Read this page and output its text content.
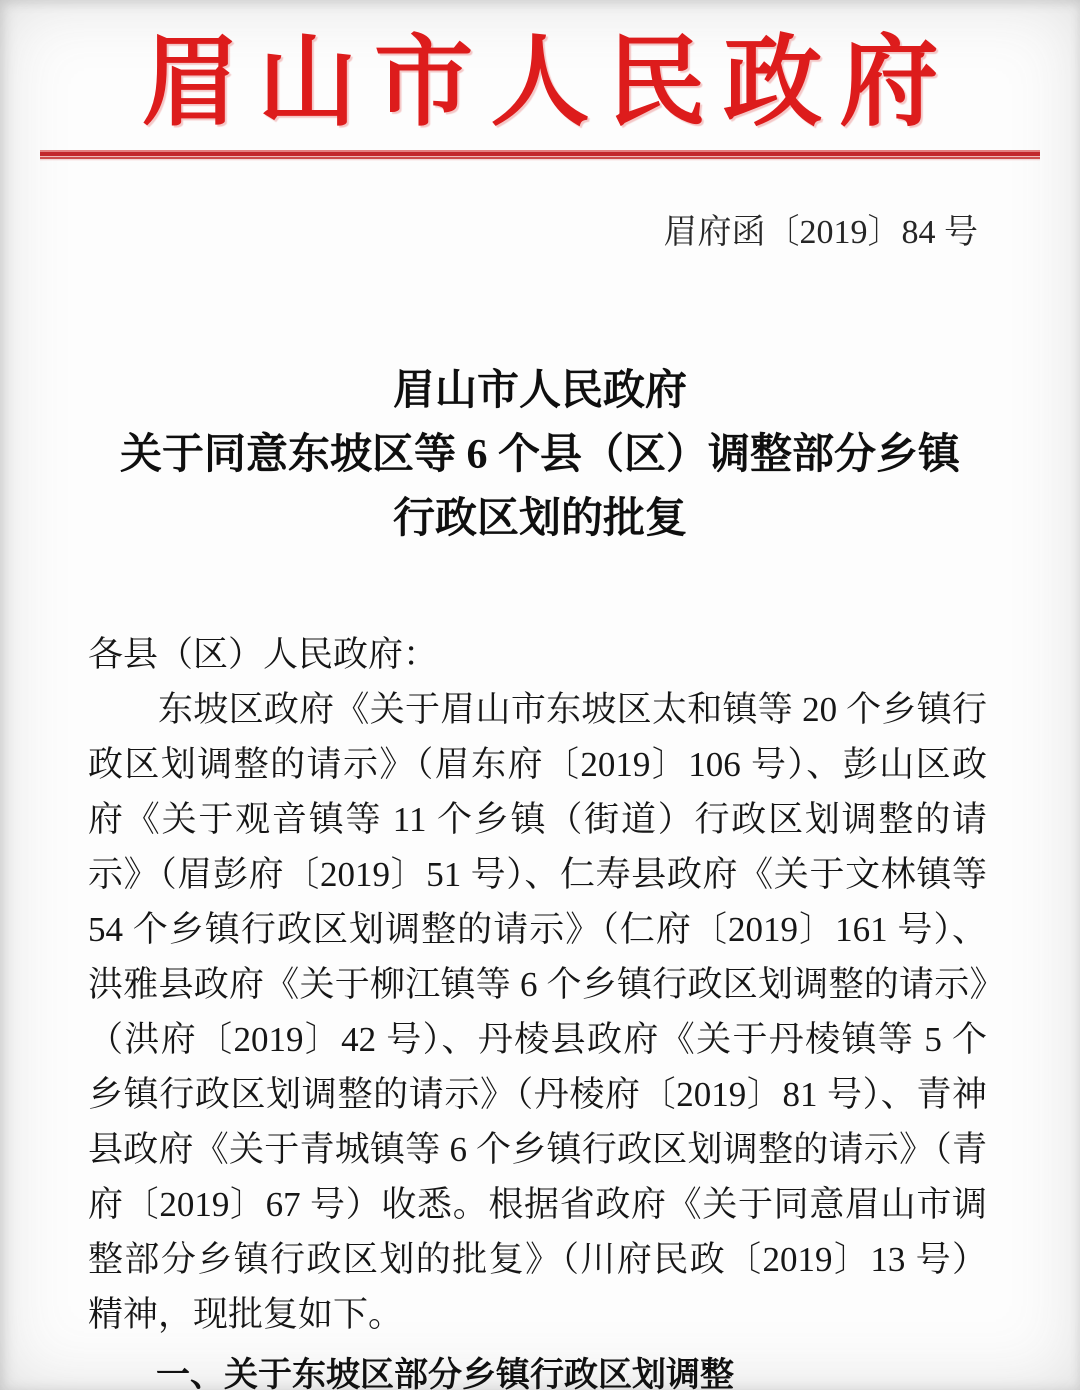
眉山市人民政府
眉府函〔2019〕84 号
眉山市人民政府
关于同意东坡区等 6 个县（区）调整部分乡镇
行政区划的批复

各县（区）人民政府：

东坡区政府《关于眉山市东坡区太和镇等 20 个乡镇行政区划调整的请示》（眉东府〔2019〕106 号）、彭山区政府《关于观音镇等 11 个乡镇（街道）行政区划调整的请示》（眉彭府〔2019〕51 号）、仁寿县政府《关于文林镇等 54 个乡镇行政区划调整的请示》（仁府〔2019〕161 号）、洪雅县政府《关于柳江镇等 6 个乡镇行政区划调整的请示》（洪府〔2019〕42 号）、丹棱县政府《关于丹棱镇等 5 个乡镇行政区划调整的请示》（丹棱府〔2019〕81 号）、青神县政府《关于青城镇等 6 个乡镇行政区划调整的请示》（青府〔2019〕67 号）收悉。根据省政府《关于同意眉山市调整部分乡镇行政区划的批复》（川府民政〔2019〕13 号）精神，现批复如下。

一、关于东坡区部分乡镇行政区划调整
